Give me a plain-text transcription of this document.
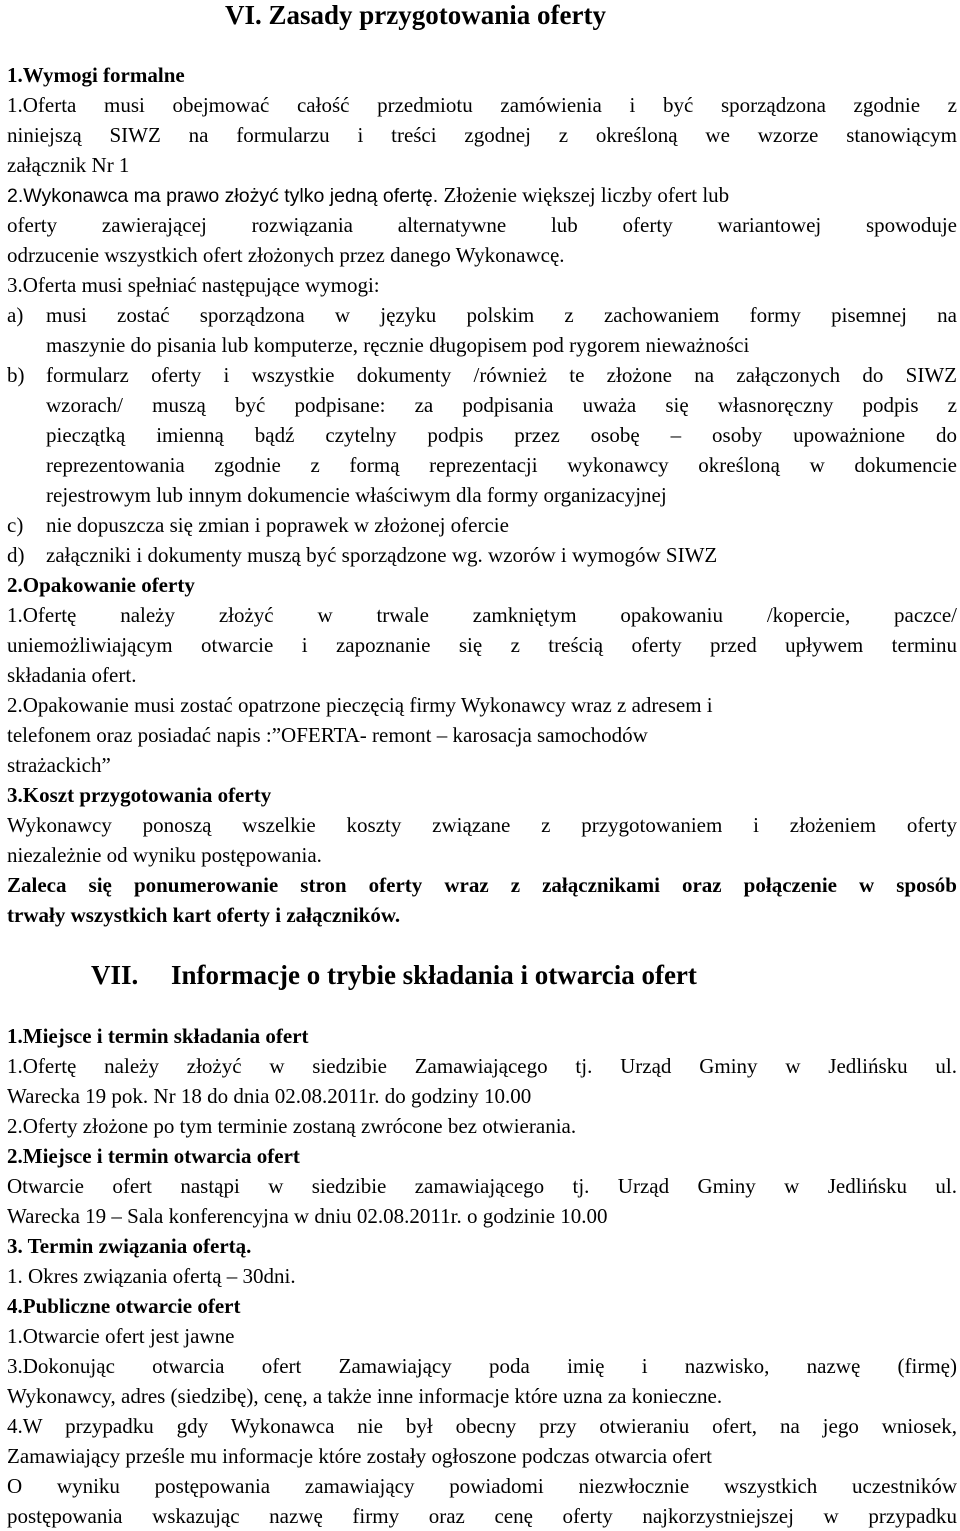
VI. Zasady przygotowania oferty
1.Wymogi formalne
1.Oferta musi obejmować całość przedmiotu zamówienia i być sporządzona zgodnie z
niniejszą SIWZ na formularzu i treści zgodnej z określoną we wzorze stanowiącym
załącznik Nr 1
2.Wykonawca ma prawo złożyć tylko jedną ofertę. Złożenie większej liczby ofert lub
oferty zawierającej rozwiązania alternatywne lub oferty wariantowej spowoduje
odrzucenie wszystkich ofert złożonych przez danego Wykonawcę.
3.Oferta musi spełniać następujące wymogi:
a)	musi zostać sporządzona w języku polskim z zachowaniem formy pisemnej na
maszynie do pisania lub komputerze, ręcznie długopisem pod rygorem nieważności
b)	formularz oferty i wszystkie dokumenty /również te złożone na załączonych do SIWZ
wzorach/ muszą być podpisane: za podpisania uważa się własnoręczny podpis z
pieczątką imienną bądź czytelny podpis przez osobę – osoby upoważnione do
reprezentowania zgodnie z formą reprezentacji wykonawcy określoną w dokumencie
rejestrowym lub innym dokumencie właściwym dla formy organizacyjnej
c)	nie dopuszcza się zmian i poprawek w złożonej ofercie
d)	załączniki i dokumenty muszą być sporządzone wg. wzorów i wymogów SIWZ
2.Opakowanie oferty
1.Ofertę należy złożyć w trwale zamkniętym opakowaniu /kopercie, paczce/
uniemożliwiającym otwarcie i zapoznanie się z treścią oferty przed upływem terminu
składania ofert.
2.Opakowanie musi zostać opatrzone pieczęcią firmy Wykonawcy wraz z adresem i
telefonem oraz posiadać napis :”OFERTA- remont – karosacja samochodów
strażackich”
3.Koszt przygotowania oferty
Wykonawcy ponoszą wszelkie koszty związane z przygotowaniem i złożeniem oferty
niezależnie od wyniku postępowania.
Zaleca się ponumerowanie stron oferty wraz z załącznikami oraz połączenie w sposób
trwały wszystkich kart oferty i załączników.
VII.	Informacje o trybie składania i otwarcia ofert
1.Miejsce i termin składania ofert
1.Ofertę należy złożyć w siedzibie Zamawiającego tj. Urząd Gminy w Jedlińsku ul.
Warecka 19 pok. Nr 18 do dnia 02.08.2011r. do godziny 10.00
2.Oferty złożone po tym terminie zostaną zwrócone bez otwierania.
2.Miejsce i termin otwarcia ofert
Otwarcie ofert nastąpi w siedzibie zamawiającego tj. Urząd Gminy w Jedlińsku ul.
Warecka 19 – Sala konferencyjna w dniu 02.08.2011r. o godzinie 10.00
3. Termin związania ofertą.
1. Okres związania ofertą – 30dni.
4.Publiczne otwarcie ofert
1.Otwarcie ofert jest jawne
3.Dokonując otwarcia ofert Zamawiający poda imię i nazwisko, nazwę (firmę)
Wykonawcy, adres (siedzibę), cenę, a także inne informacje które uzna za konieczne.
4.W przypadku gdy Wykonawca nie był obecny przy otwieraniu ofert, na jego wniosek,
Zamawiający prześle mu informacje które zostały ogłoszone podczas otwarcia ofert
O wyniku postępowania zamawiający powiadomi niezwłocznie wszystkich uczestników
postępowania wskazując nazwę firmy oraz cenę oferty najkorzystniejszej w przypadku
